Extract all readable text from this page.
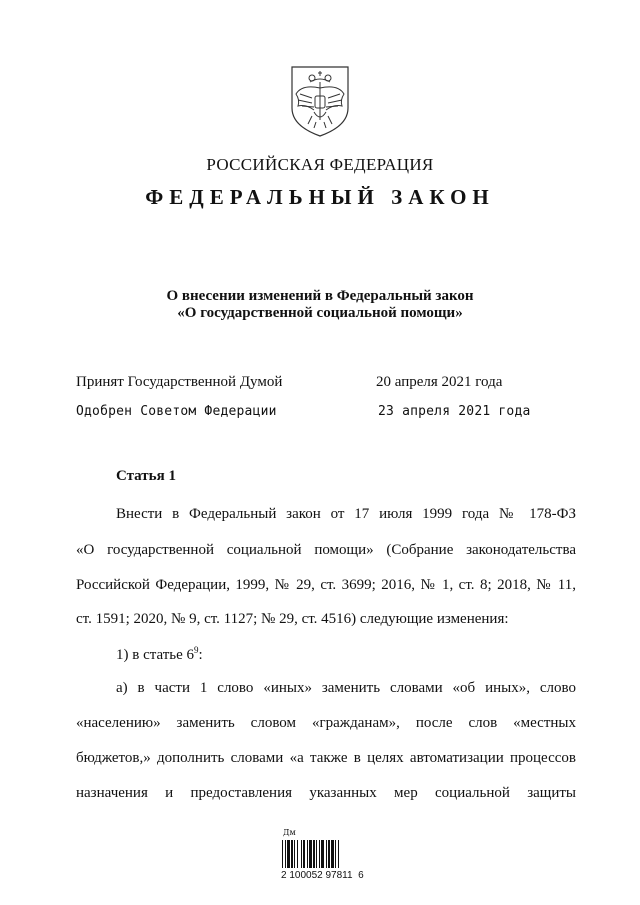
РОССИЙСКАЯ ФЕДЕРАЦИЯ
ФЕДЕРАЛЬНЫЙ ЗАКОН
О внесении изменений в Федеральный закон
«О государственной социальной помощи»
Принят Государственной Думой	20 апреля 2021 года
Одобрен Советом Федерации	23 апреля 2021 года
Статья 1
Внести в Федеральный закон от 17 июля 1999 года № 178-ФЗ
«О государственной социальной помощи» (Собрание законодательства
Российской Федерации, 1999, № 29, ст. 3699; 2016, № 1, ст. 8; 2018, № 11,
ст. 1591; 2020, № 9, ст. 1127; № 29, ст. 4516) следующие изменения:
1) в статье $6^9$:
а) в части 1 слово «иных» заменить словами «об иных», слово
«населению» заменить словом «гражданам», после слов «местных
бюджетов,» дополнить словами «а также в целях автоматизации процессов
назначения и предоставления указанных мер социальной защиты
Дм
2 100052 97811  6
